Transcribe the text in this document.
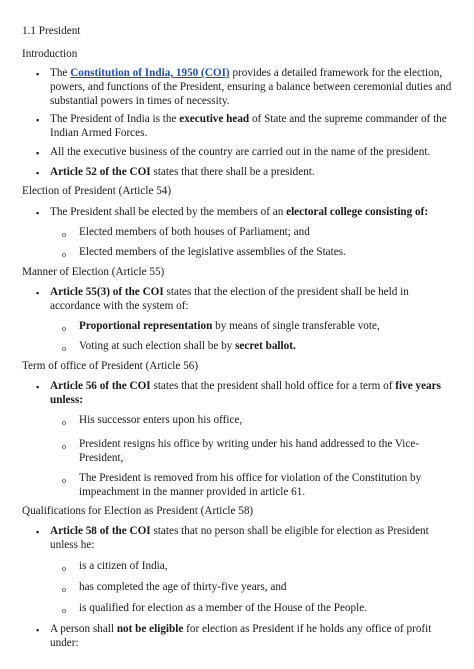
1.1 President
Introduction
▪ The Constitution of India, 1950 (COI) provides a detailed framework for the election,
powers, and functions of the President, ensuring a balance between ceremonial duties and
substantial powers in times of necessity.
▪ The President of India is the executive head of State and the supreme commander of the
Indian Armed Forces.
▪ All the executive business of the country are carried out in the name of the president.
▪ Article 52 of the COI states that there shall be a president.
Election of President (Article 54)
▪ The President shall be elected by the members of an electoral college consisting of:
o Elected members of both houses of Parliament; and
o Elected members of the legislative assemblies of the States.
Manner of Election (Article 55)
▪ Article 55(3) of the COI states that the election of the president shall be held in
accordance with the system of:
o Proportional representation by means of single transferable vote,
o Voting at such election shall be by secret ballot.
Term of office of President (Article 56)
▪ Article 56 of the COI states that the president shall hold office for a term of five years
unless:
o His successor enters upon his office,
o President resigns his office by writing under his hand addressed to the Vice-
President,
o The President is removed from his office for violation of the Constitution by
impeachment in the manner provided in article 61.
Qualifications for Election as President (Article 58)
▪ Article 58 of the COI states that no person shall be eligible for election as President
unless he:
o is a citizen of India,
o has completed the age of thirty-five years, and
o is qualified for election as a member of the House of the People.
▪ A person shall not be eligible for election as President if he holds any office of profit
under:
